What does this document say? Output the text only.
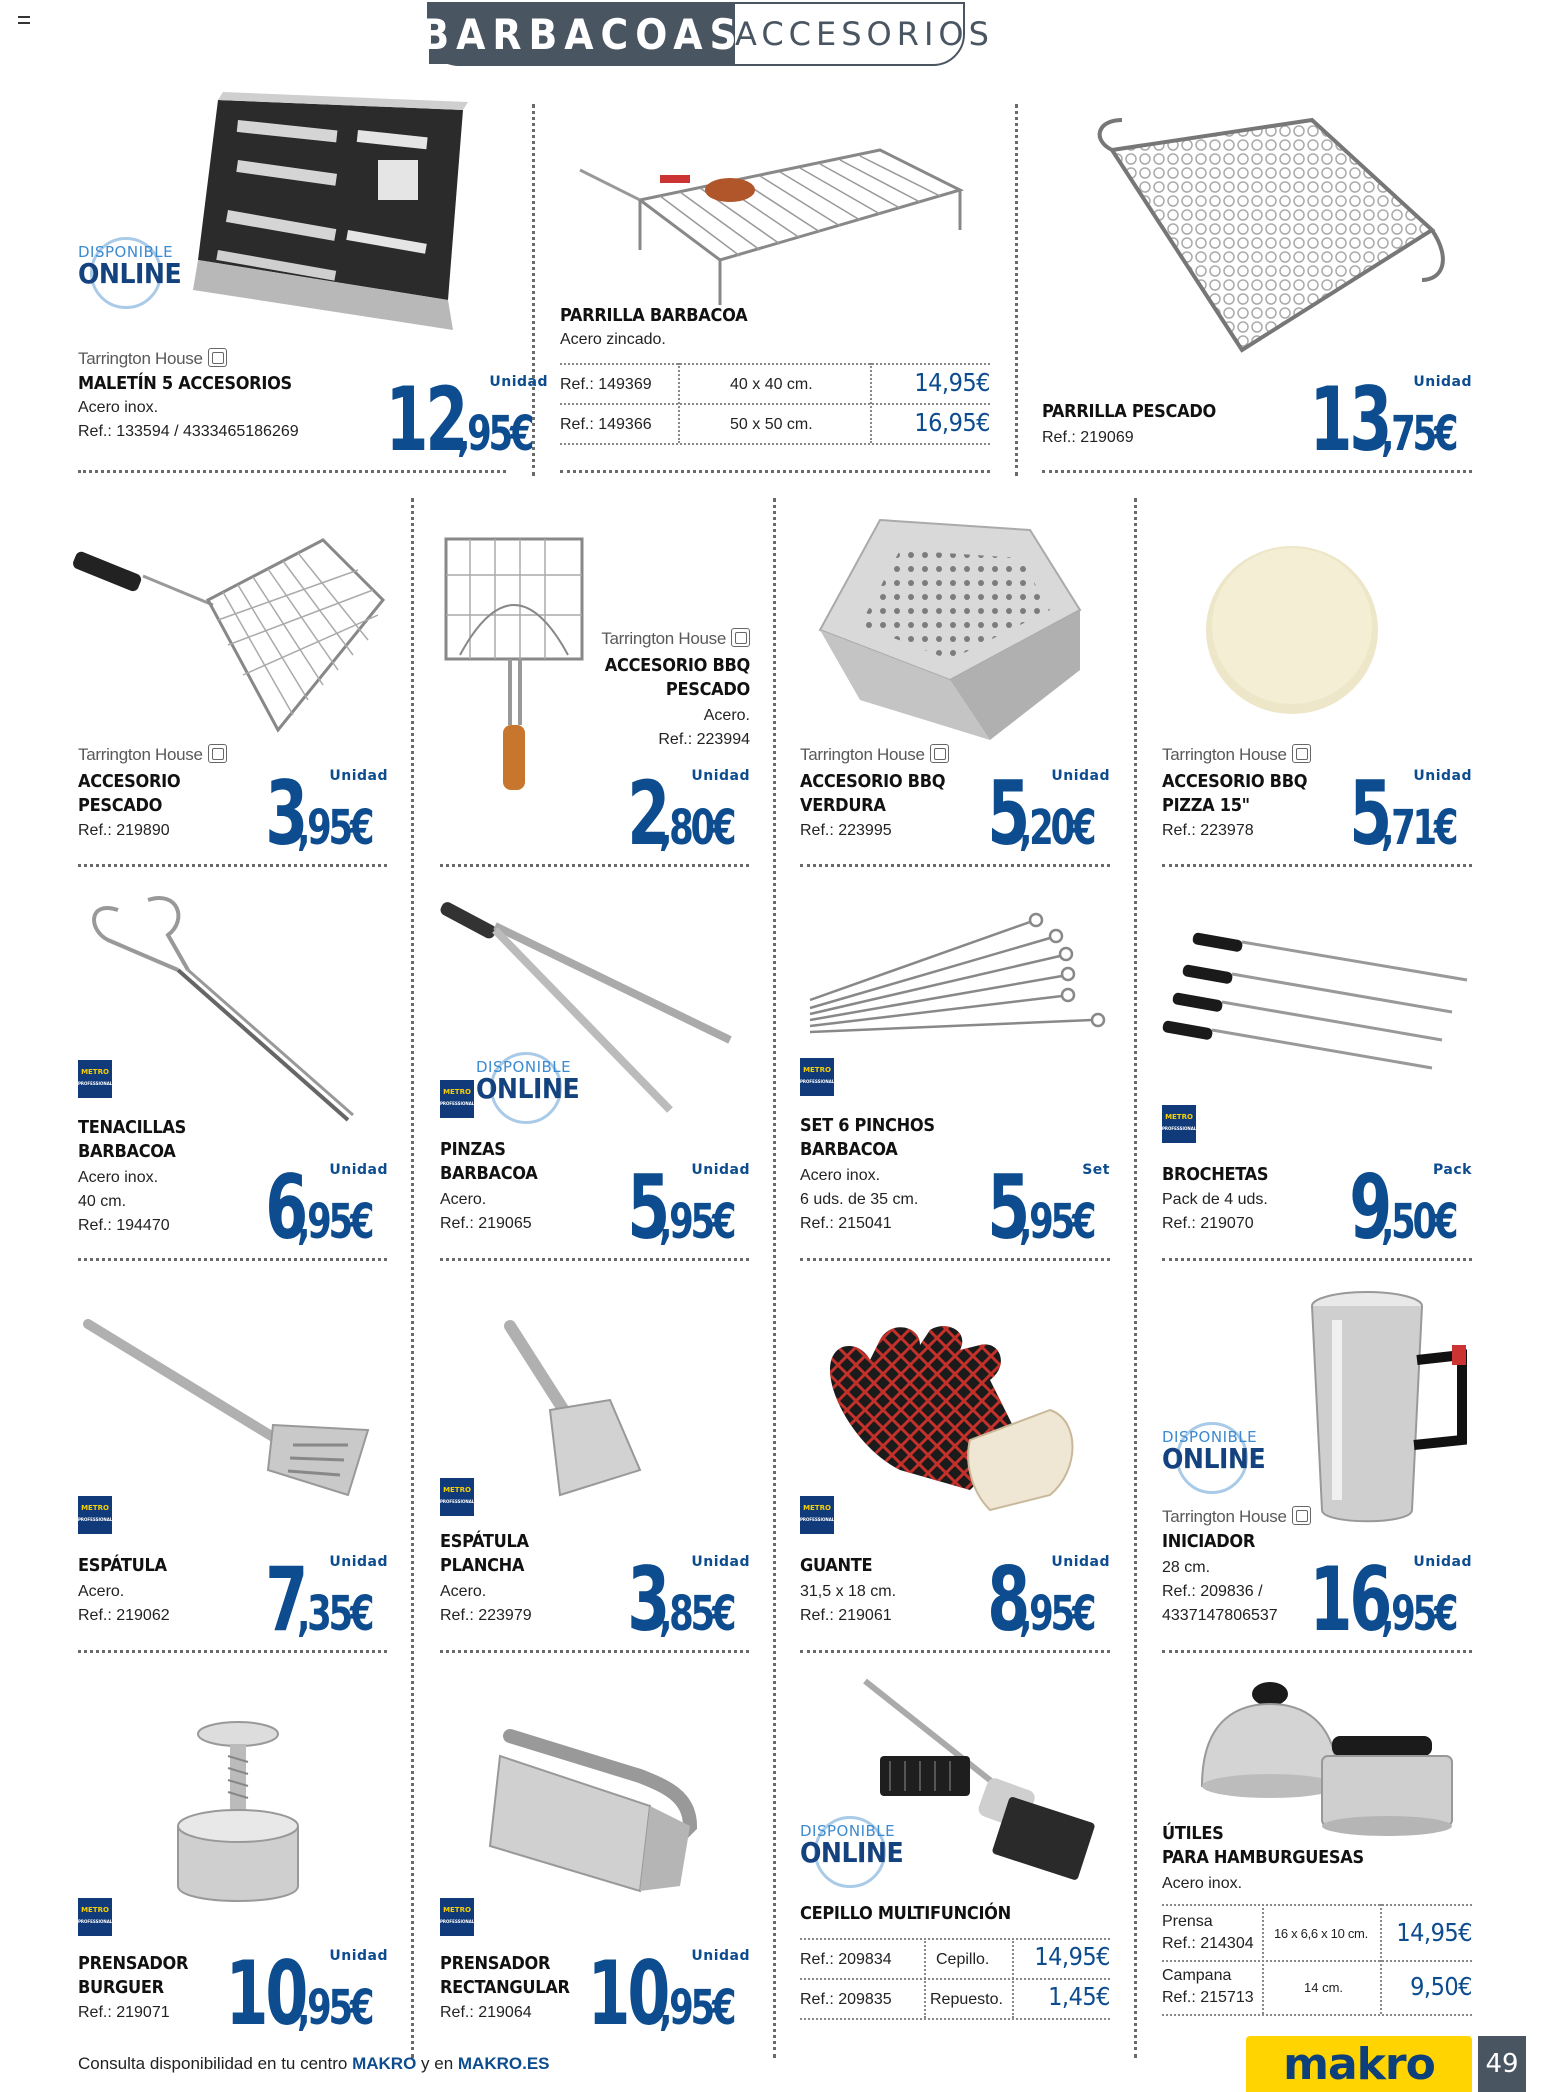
BARBACOAS
ACCESORIOS
DISPONIBLE
ONLINE
Tarrington House
MALETÍN 5 ACCESORIOS
Acero inox.
Ref.: 133594 / 4333465186269
Unidad
12,95€
PARRILLA BARBACOA
Acero zincado.
Ref.: 149369	40 x 40 cm.	14,95€
Ref.: 149366	50 x 50 cm.	16,95€	PARRILLA PESCADO
Ref.: 219069
Unidad
13,75€
Tarrington House
ACCESORIO
PESCADO
Ref.: 219890
Unidad
3,95€
Tarrington House
ACCESORIO BBQ
PESCADO
Acero.
Ref.: 223994
Unidad
2,80€
Tarrington House
ACCESORIO BBQ
VERDURA
Ref.: 223995
Unidad
5,20€
Tarrington House
ACCESORIO BBQ
PIZZA 15"
Ref.: 223978
Unidad
5,71€
METRO
PROFESSIONAL
TENACILLAS
BARBACOA
Acero inox.
40 cm.
Ref.: 194470
Unidad
6,95€
DISPONIBLE
ONLINE
METRO
PROFESSIONAL
PINZAS
BARBACOA
Acero.
Ref.: 219065
Unidad
5,95€
METRO
PROFESSIONAL
SET 6 PINCHOS
BARBACOA
Acero inox.
6 uds. de 35 cm.
Ref.: 215041
Set
5,95€
METRO
PROFESSIONAL
BROCHETAS
Pack de 4 uds.
Ref.: 219070
Pack
9,50€
METRO
PROFESSIONAL
ESPÁTULA
Acero.
Ref.: 219062
Unidad
7,35€
METRO
PROFESSIONAL
ESPÁTULA
PLANCHA
Acero.
Ref.: 223979
Unidad
3,85€
METRO
PROFESSIONAL
GUANTE
31,5 x 18 cm.
Ref.: 219061
Unidad
8,95€
DISPONIBLE
ONLINE
Tarrington House
INICIADOR
28 cm.
Ref.: 209836 /
4337147806537
Unidad
16,95€
METRO
PROFESSIONAL
PRENSADOR
BURGUER
Ref.: 219071
Unidad
10,95€
METRO
PROFESSIONAL
PRENSADOR
RECTANGULAR
Ref.: 219064
Unidad
10,95€
DISPONIBLE
ONLINE
CEPILLO MULTIFUNCIÓN
Ref.: 209834	Cepillo. 14,95€
Ref.: 209835 Repuesto. 1,45€
ÚTILES
PARA HAMBURGUESAS
Acero inox.
Prensa
Ref.: 214304
16 x 6,6 x 10 cm. 14,95€
Campana
Ref.: 215713
14 cm.	9,50€
Consulta disponibilidad en tu centro MAKRO y en MAKRO.ES	makro	49
